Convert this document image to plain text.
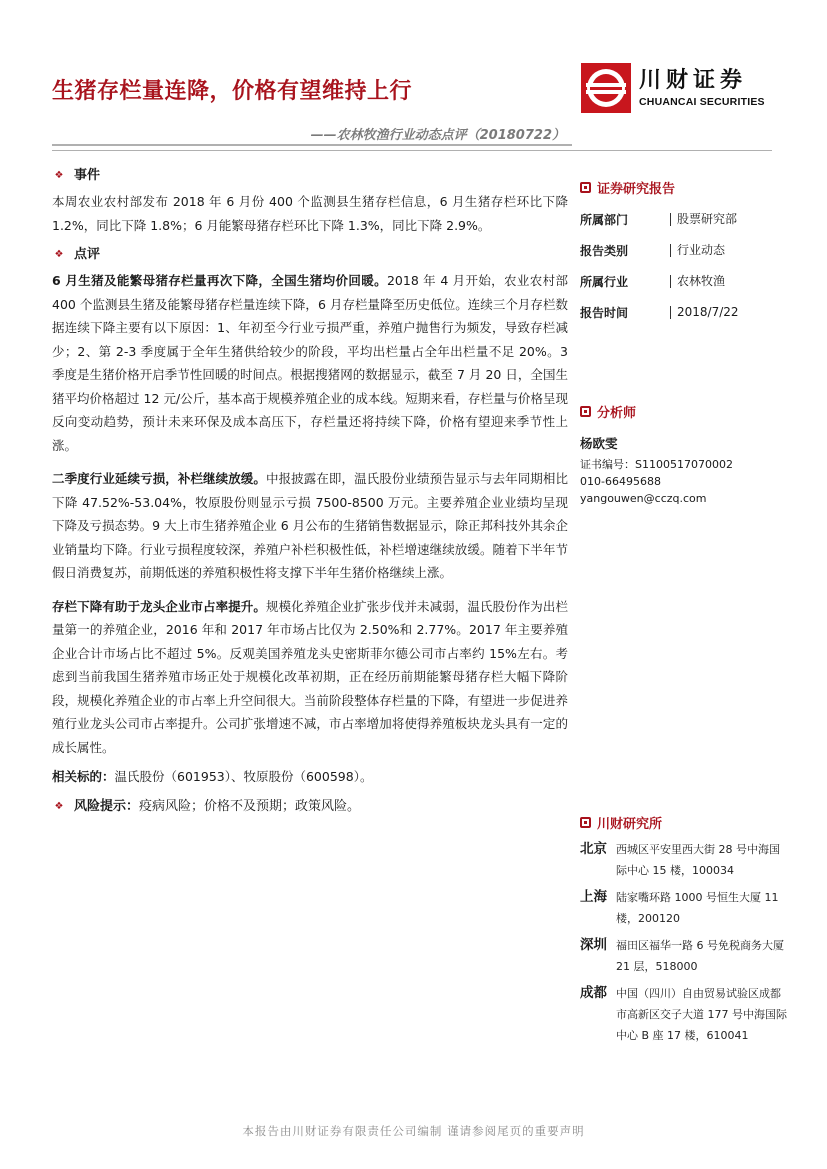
生猪存栏量连降，价格有望维持上行
——农林牧渔行业动态点评（20180722）
川财证券
CHUANCAI SECURITIES
❖ 事件

本周农业农村部发布 2018 年 6 月份 400 个监测县生猪存栏信息，6 月生猪存栏环比下降 1.2%，同比下降 1.8%；6 月能繁母猪存栏环比下降 1.3%，同比下降 2.9%。

❖ 点评

6 月生猪及能繁母猪存栏量再次下降，全国生猪均价回暖。2018 年 4 月开始，农业农村部 400 个监测县生猪及能繁母猪存栏量连续下降，6 月存栏量降至历史低位。连续三个月存栏数据连续下降主要有以下原因：1、年初至今行业亏损严重，养殖户抛售行为频发，导致存栏减少；2、第 2-3 季度属于全年生猪供给较少的阶段，平均出栏量占全年出栏量不足 20%。3 季度是生猪价格开启季节性回暖的时间点。根据搜猪网的数据显示，截至 7 月 20 日，全国生猪平均价格超过 12 元/公斤，基本高于规模养殖企业的成本线。短期来看，存栏量与价格呈现反向变动趋势，预计未来环保及成本高压下，存栏量还将持续下降，价格有望迎来季节性上涨。

二季度行业延续亏损，补栏继续放缓。中报披露在即，温氏股份业绩预告显示与去年同期相比下降 47.52%-53.04%，牧原股份则显示亏损 7500-8500 万元。主要养殖企业业绩均呈现下降及亏损态势。9 大上市生猪养殖企业 6 月公布的生猪销售数据显示，除正邦科技外其余企业销量均下降。行业亏损程度较深，养殖户补栏积极性低，补栏增速继续放缓。随着下半年节假日消费复苏，前期低迷的养殖积极性将支撑下半年生猪价格继续上涨。

存栏下降有助于龙头企业市占率提升。规模化养殖企业扩张步伐并未减弱，温氏股份作为出栏量第一的养殖企业，2016 年和 2017 年市场占比仅为 2.50%和 2.77%。2017 年主要养殖企业合计市场占比不超过 5%。反观美国养殖龙头史密斯菲尔德公司市占率约 15%左右。考虑到当前我国生猪养殖市场正处于规模化改革初期，正在经历前期能繁母猪存栏大幅下降阶段，规模化养殖企业的市占率上升空间很大。当前阶段整体存栏量的下降，有望进一步促进养殖行业龙头公司市占率提升。公司扩张增速不减，市占率增加将使得养殖板块龙头具有一定的成长属性。

相关标的：温氏股份（601953）、牧原股份（600598）。

❖ 风险提示： 疫病风险；价格不及预期；政策风险。
证券研究报告
所属部门	股票研究部
报告类别	行业动态
所属行业	农林牧渔
报告时间	2018/7/22
分析师
杨欧雯
证书编号：S1100517070002
010-66495688
yangouwen@cczq.com
川财研究所
北京 西城区平安里西大街 28 号中海国际中心 15 楼，100034
上海 陆家嘴环路 1000 号恒生大厦 11 楼，200120
深圳 福田区福华一路 6 号免税商务大厦 21 层，518000
成都 中国（四川）自由贸易试验区成都市高新区交子大道 177 号中海国际中心 B 座 17 楼，610041
本报告由川财证券有限责任公司编制 谨请参阅尾页的重要声明
